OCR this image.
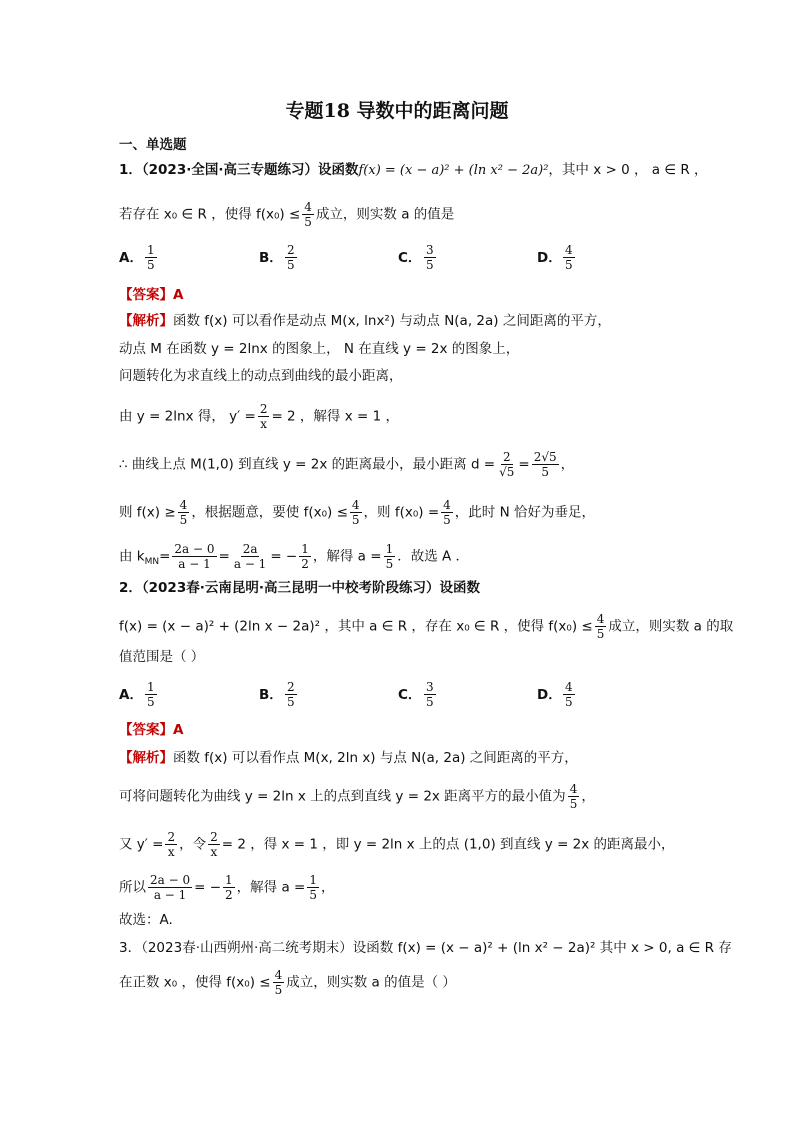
专题18 导数中的距离问题
一、单选题
1．（2023·全国·高三专题练习）设函数f(x) = (x − a)² + (ln x² − 2a)²，其中 x > 0 ， a ∈ R ，
若存在 x₀ ∈ R ，使得 $f(x_0) \le \frac{4}{5}$ 成立，则实数 a 的值是
A． $\frac{1}{5}$	B． $\frac{2}{5}$	C． $\frac{3}{5}$	D． $\frac{4}{5}$
【答案】A
【解析】函数 f(x) 可以看作是动点 M(x, lnx²) 与动点 N(a, 2a) 之间距离的平方，
动点 M 在函数 y = 2lnx 的图象上， N 在直线 y = 2x 的图象上，
问题转化为求直线上的动点到曲线的最小距离，
由 y = 2lnx 得， $y' = \frac{2}{x} = 2$ ，解得 x = 1 ，
∴ 曲线上点 M(1,0) 到直线 y = 2x 的距离最小，最小距离 $d = \frac{2}{√5} = \frac{2√5}{5}$ ，
则 $f(x) \ge \frac{4}{5}$ ，根据题意，要使 $f(x_0) \le \frac{4}{5}$ ，则 $f(x_0) = \frac{4}{5}$ ，此时 N 恰好为垂足，
由 $k_{MN}= \frac{2a - 0}{a - 1} = \frac{2a}{a - 1}$ = − $\frac{1}{2}$ ，解得 $a = \frac{1}{5}$ ．故选 A ．
2．（2023春·云南昆明·高三昆明一中校考阶段练习）设函数
f(x) = (x − a)² + (2ln x − 2a)² ，其中 a ∈ R ，存在 x₀ ∈ R ，使得 $f(x_0) \le \frac{4}{5}$ 成立，则实数 a 的取
值范围是（ ）
A． $\frac{1}{5}$	B． $\frac{2}{5}$	C． $\frac{3}{5}$	D． $\frac{4}{5}$
【答案】A
【解析】函数 f(x) 可以看作点 M(x, 2ln x) 与点 N(a, 2a) 之间距离的平方，
可将问题转化为曲线 y = 2ln x 上的点到直线 y = 2x 距离平方的最小值为 $\frac{4}{5}$ ，
又 $y' = \frac{2}{x}$ ，令 $\frac{2}{x} = 2$ ，得 x = 1 ，即 y = 2ln x 上的点 (1,0) 到直线 y = 2x 的距离最小，
所以 $\frac{2a - 0}{a - 1}$ = − $\frac{1}{2}$ ，解得 $a = \frac{1}{5}$ ，
故选：A.
3．（2023春·山西朔州·高二统考期末）设函数 f(x) = (x − a)² + (ln x² − 2a)² 其中 x > 0, a ∈ R 存
在正数 x₀ ，使得 $f(x_0) \le \frac{4}{5}$ 成立，则实数 a 的值是（ ）
